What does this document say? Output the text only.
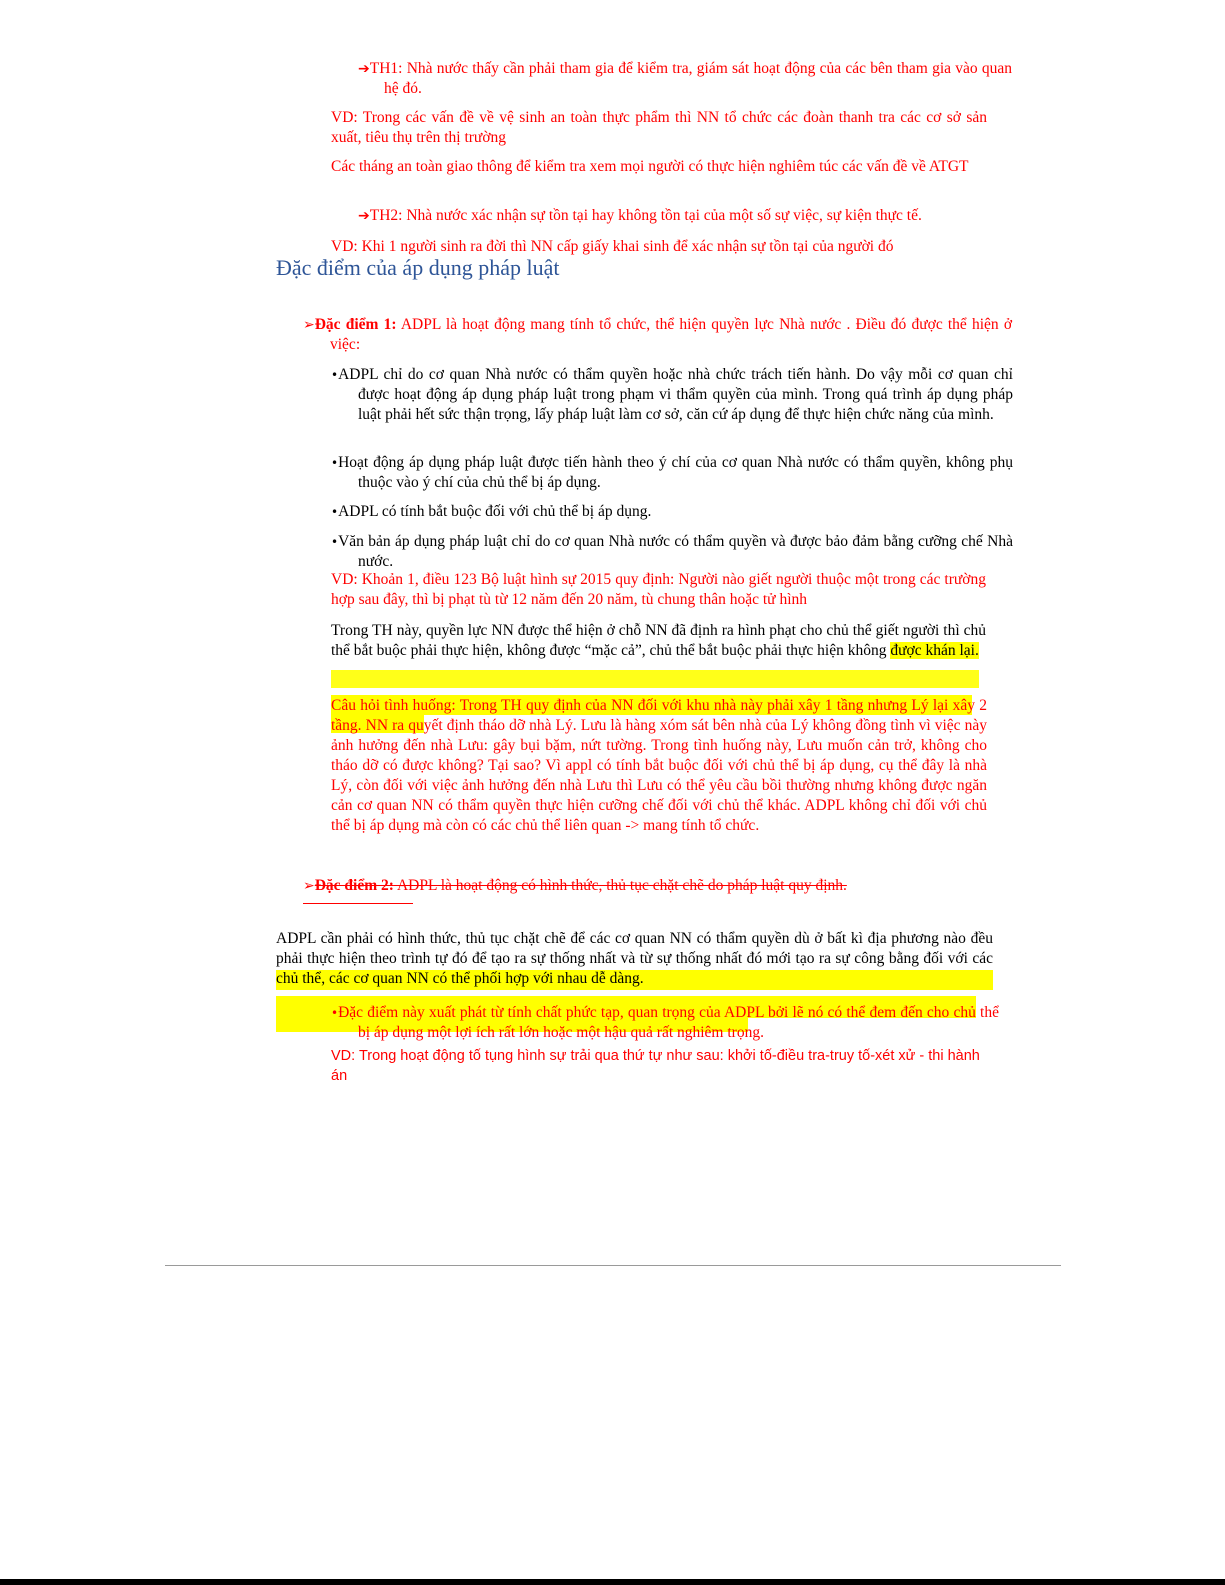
➔TH1: Nhà nước thấy cần phải tham gia để kiểm tra, giám sát hoạt động của các bên tham gia vào quan hệ đó.

VD: Trong các vấn đề về vệ sinh an toàn thực phẩm thì NN tổ chức các đoàn thanh tra các cơ sở sản xuất, tiêu thụ trên thị trường

Các tháng an toàn giao thông để kiểm tra xem mọi người có thực hiện nghiêm túc các vấn đề về ATGT

➔TH2: Nhà nước xác nhận sự tồn tại hay không tồn tại của một số sự việc, sự kiện thực tế.

VD: Khi 1 người sinh ra đời thì NN cấp giấy khai sinh để xác nhận sự tồn tại của người đó

Đặc điểm của áp dụng pháp luật

➢Đặc điểm 1: ADPL là hoạt động mang tính tổ chức, thể hiện quyền lực Nhà nước . Điều đó được thể hiện ở việc:

•ADPL chỉ do cơ quan Nhà nước có thẩm quyền hoặc nhà chức trách tiến hành. Do vậy mỗi cơ quan chỉ được hoạt động áp dụng pháp luật trong phạm vi thẩm quyền của mình. Trong quá trình áp dụng pháp luật phải hết sức thận trọng, lấy pháp luật làm cơ sở, căn cứ áp dụng để thực hiện chức năng của mình.

•Hoạt động áp dụng pháp luật được tiến hành theo ý chí của cơ quan Nhà nước có thẩm quyền, không phụ thuộc vào ý chí của chủ thể bị áp dụng.

•ADPL có tính bắt buộc đối với chủ thể bị áp dụng.

•Văn bản áp dụng pháp luật chỉ do cơ quan Nhà nước có thẩm quyền và được bảo đảm bằng cưỡng chế Nhà nước.

VD: Khoản 1, điều 123 Bộ luật hình sự 2015 quy định: Người nào giết người thuộc một trong các trường hợp sau đây, thì bị phạt tù từ 12 năm đến 20 năm, tù chung thân hoặc tử hình

Trong TH này, quyền lực NN được thể hiện ở chỗ NN đã định ra hình phạt cho chủ thể giết người thì chủ thể bắt buộc phải thực hiện, không được “mặc cả”, chủ thể bắt buộc phải thực hiện không được khán lại.

Câu hỏi tình huống: Trong TH quy định của NN đối với khu nhà này phải xây 1 tầng nhưng Lý lại xây 2 tầng. NN ra quyết định tháo dỡ nhà Lý. Lưu là hàng xóm sát bên nhà của Lý không đồng tình vì việc này ảnh hưởng đến nhà Lưu: gây bụi bặm, nứt tường. Trong tình huống này, Lưu muốn cản trở, không cho tháo dỡ có được không? Tại sao? Vì appl có tính bắt buộc đối với chủ thể bị áp dụng, cụ thể đây là nhà Lý, còn đối với việc ảnh hưởng đến nhà Lưu thì Lưu có thể yêu cầu bồi thường nhưng không được ngăn cản cơ quan NN có thẩm quyền thực hiện cưỡng chế đối với chủ thể khác. ADPL không chỉ đối với chủ thể bị áp dụng mà còn có các chủ thể liên quan -> mang tính tổ chức.

➢Đặc điểm 2: ADPL là hoạt động có hình thức, thủ tục chặt chẽ do pháp luật quy định.

ADPL cần phải có hình thức, thủ tục chặt chẽ để các cơ quan NN có thẩm quyền dù ở bất kì địa phương nào đều phải thực hiện theo trình tự đó để tạo ra sự thống nhất và từ sự thống nhất đó mới tạo ra sự công bằng đối với các chủ thể, các cơ quan NN có thể phối hợp với nhau dễ dàng.

•Đặc điểm này xuất phát từ tính chất phức tạp, quan trọng của ADPL bởi lẽ nó có thể đem đến cho chủ thể bị áp dụng một lợi ích rất lớn hoặc một hậu quả rất nghiêm trọng.

VD: Trong hoạt động tố tụng hình sự trải qua thứ tự như sau: khởi tố-điều tra-truy tố-xét xử - thi hành án
